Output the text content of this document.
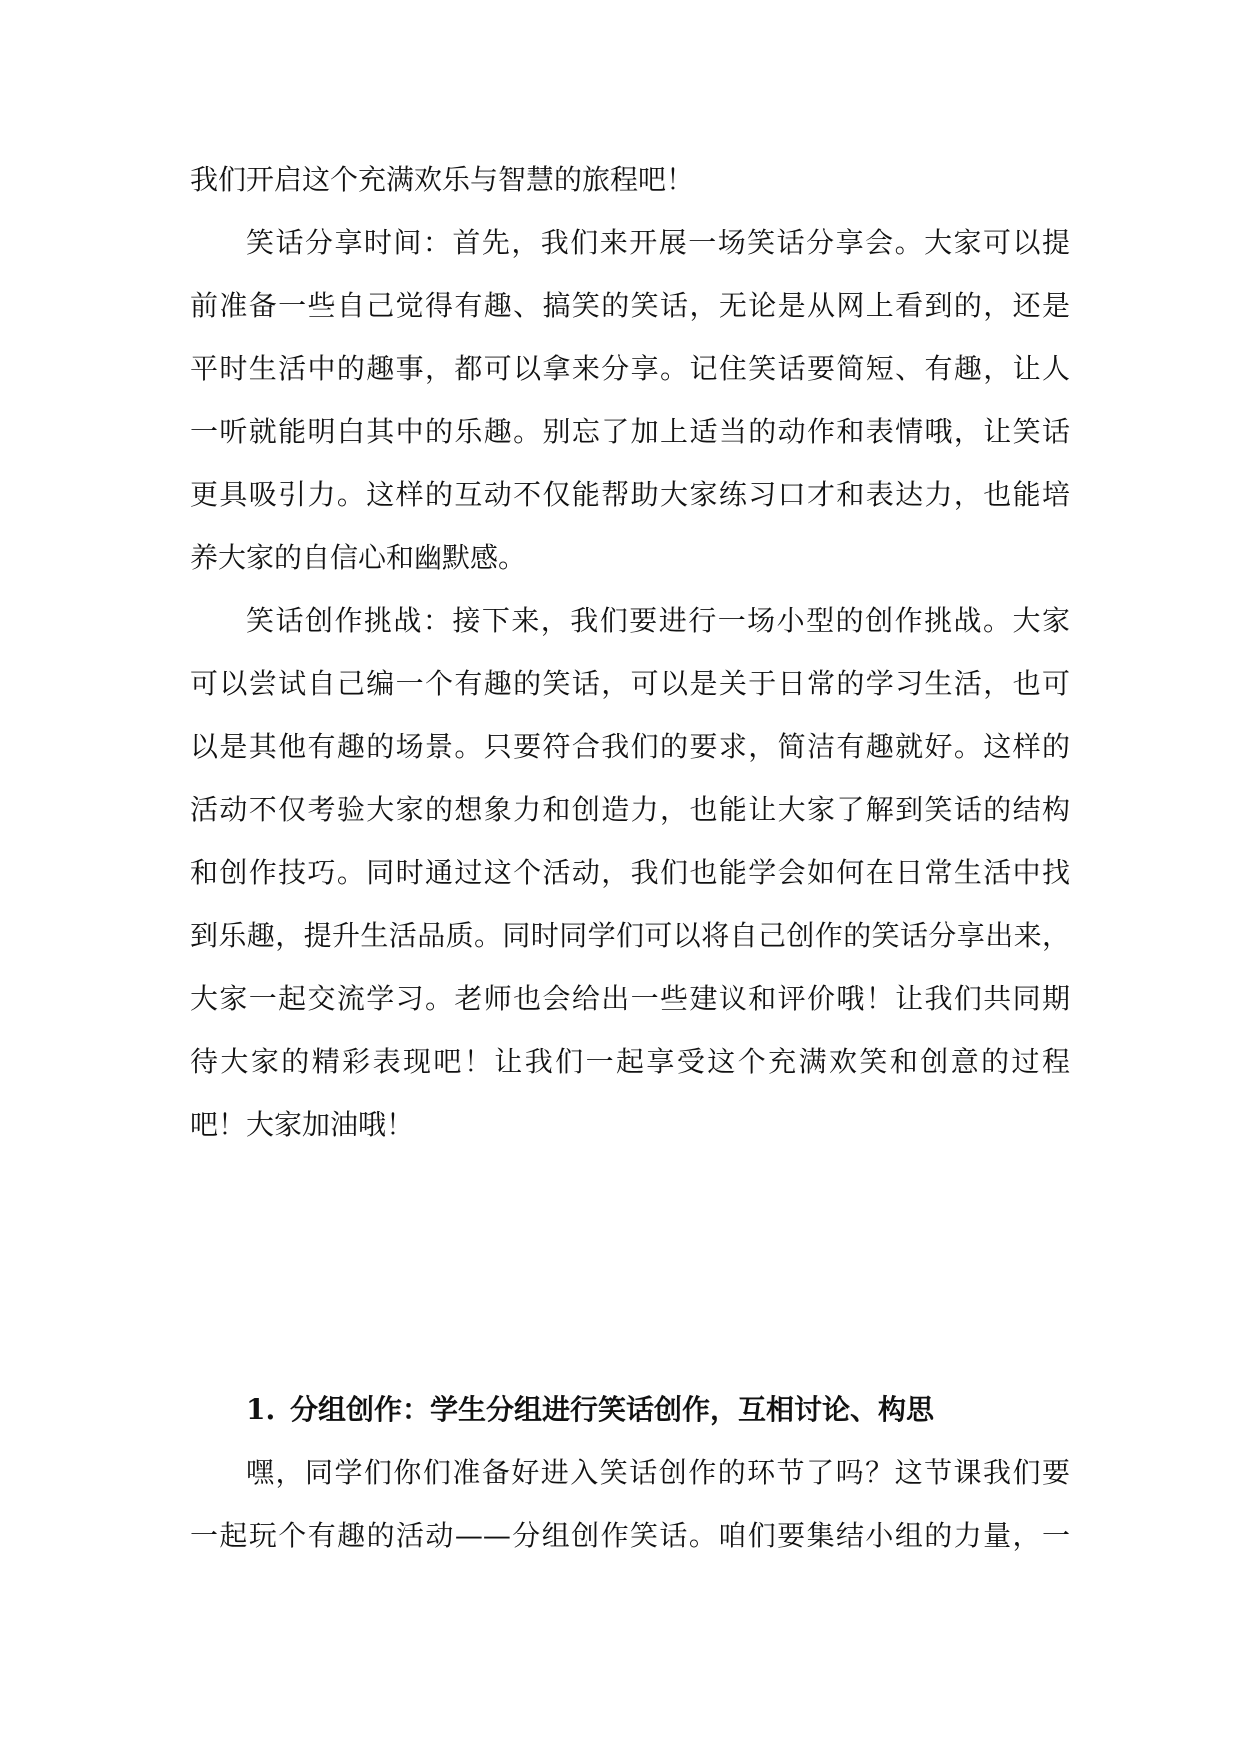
我们开启这个充满欢乐与智慧的旅程吧！
笑话分享时间：首先，我们来开展一场笑话分享会。大家可以提
前准备一些自己觉得有趣、搞笑的笑话，无论是从网上看到的，还是
平时生活中的趣事，都可以拿来分享。记住笑话要简短、有趣，让人
一听就能明白其中的乐趣。别忘了加上适当的动作和表情哦，让笑话
更具吸引力。这样的互动不仅能帮助大家练习口才和表达力，也能培
养大家的自信心和幽默感。
笑话创作挑战：接下来，我们要进行一场小型的创作挑战。大家
可以尝试自己编一个有趣的笑话，可以是关于日常的学习生活，也可
以是其他有趣的场景。只要符合我们的要求，简洁有趣就好。这样的
活动不仅考验大家的想象力和创造力，也能让大家了解到笑话的结构
和创作技巧。同时通过这个活动，我们也能学会如何在日常生活中找
到乐趣，提升生活品质。同时同学们可以将自己创作的笑话分享出来，
大家一起交流学习。老师也会给出一些建议和评价哦！让我们共同期
待大家的精彩表现吧！让我们一起享受这个充满欢笑和创意的过程
吧！大家加油哦！
1. 分组创作：学生分组进行笑话创作，互相讨论、构思
嘿，同学们你们准备好进入笑话创作的环节了吗？这节课我们要
一起玩个有趣的活动——分组创作笑话。咱们要集结小组的力量，一
